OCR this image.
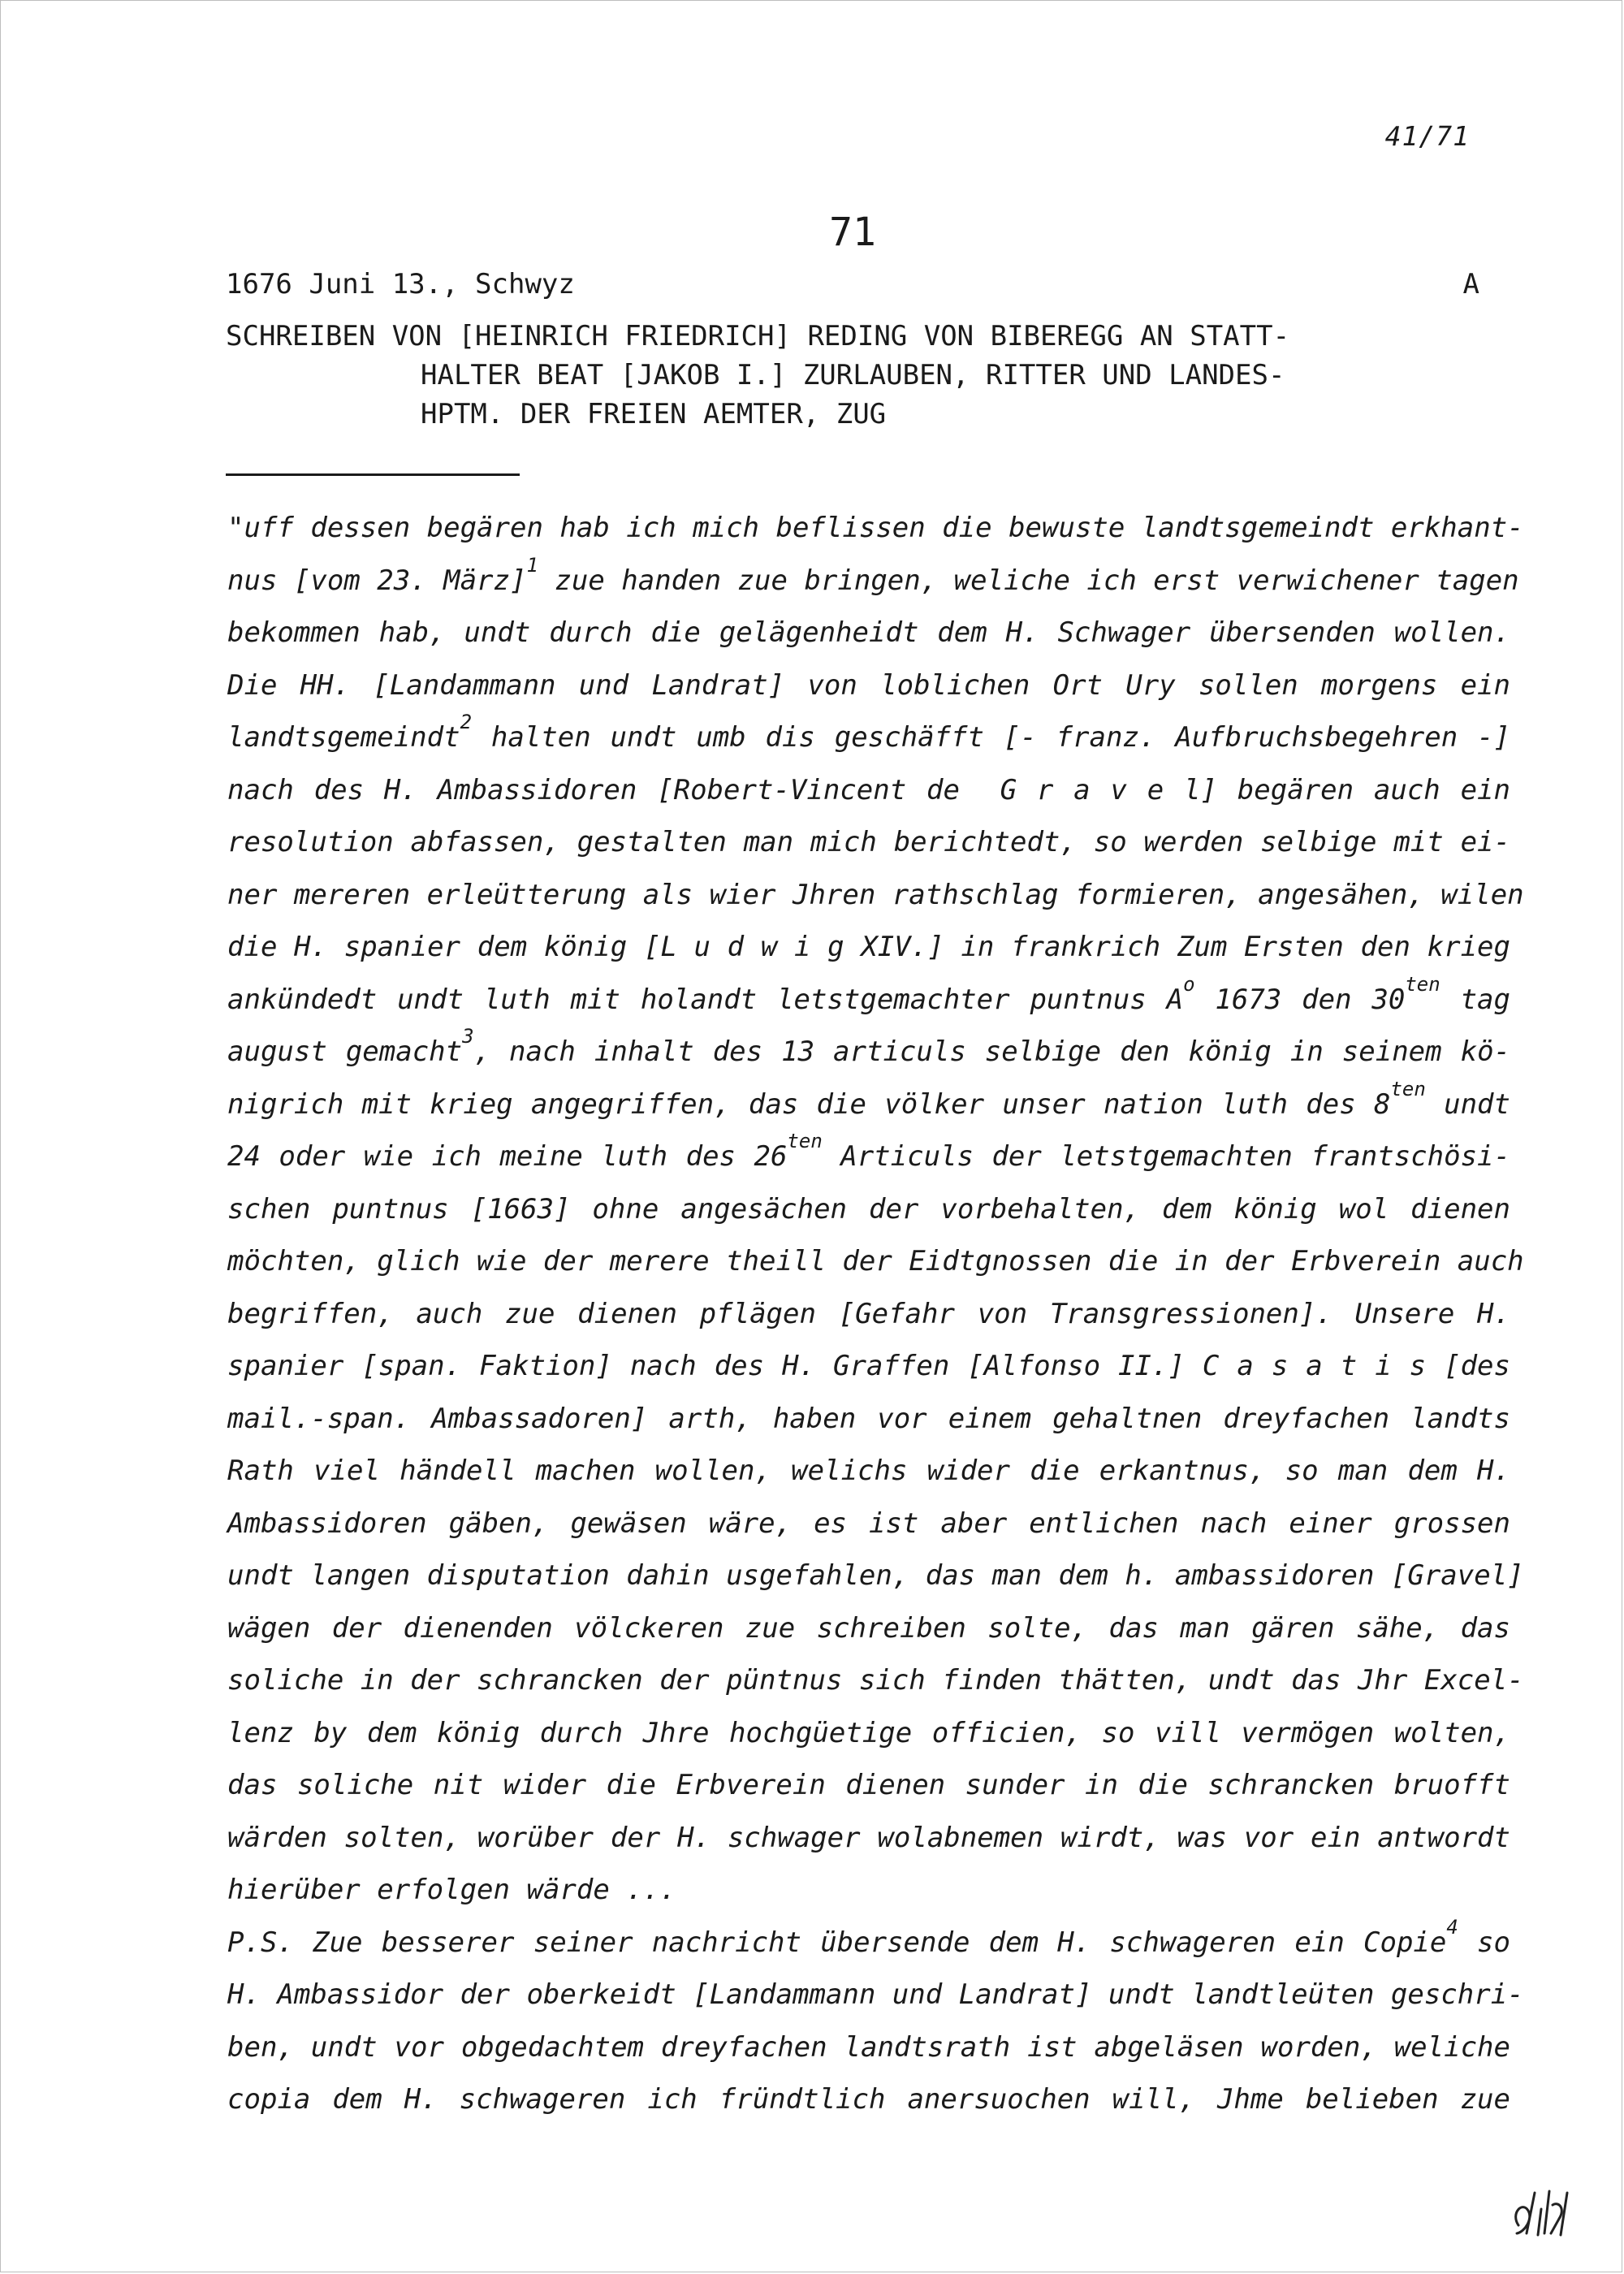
41/71
71
1676 Juni 13., Schwyz	A
SCHREIBEN VON [HEINRICH FRIEDRICH] REDING VON BIBEREGG AN STATT-

HALTER BEAT [JAKOB I.] ZURLAUBEN, RITTER UND LANDES-
HPTM. DER FREIEN AEMTER, ZUG
"uff dessen begären hab ich mich beflissen die bewuste landtsgemeindt erkhant-
nus [vom 23. März]$^1$ zue handen zue bringen, weliche ich erst verwichener tagen
bekommen hab, undt durch die gelägenheidt dem H. Schwager übersenden wollen.
Die HH. [Landammann und Landrat] von loblichen Ort Ury sollen morgens ein
landtsgemeindt$^2$ halten undt umb dis geschäfft [- franz. Aufbruchsbegehren -]
nach des H. Ambassidoren [Robert-Vincent de  G r a v e l] begären auch ein
resolution abfassen, gestalten man mich berichtedt, so werden selbige mit ei-
ner mereren erleütterung als wier Jhren rathschlag formieren, angesähen, wilen
die H. spanier dem könig [L u d w i g XIV.] in frankrich Zum Ersten den krieg
ankündedt undt luth mit holandt letstgemachter puntnus $A^o$ 1673 den $30^{ten}$ tag
august gemacht$^3$, nach inhalt des 13 articuls selbige den könig in seinem kö-
nigrich mit krieg angegriffen, das die völker unser nation luth des $8^{ten}$ undt
24 oder wie ich meine luth des $26^{ten}$ Articuls der letstgemachten frantschösi-
schen puntnus [1663] ohne angesächen der vorbehalten, dem könig wol dienen
möchten, glich wie der merere theill der Eidtgnossen die in der Erbverein auch
begriffen, auch zue dienen pflägen [Gefahr von Transgressionen]. Unsere H.
spanier [span. Faktion] nach des H. Graffen [Alfonso II.] C a s a t i s [des
mail.-span. Ambassadoren] arth, haben vor einem gehaltnen dreyfachen landts
Rath viel händell machen wollen, welichs wider die erkantnus, so man dem H.
Ambassidoren gäben, gewäsen wäre, es ist aber entlichen nach einer grossen
undt langen disputation dahin usgefahlen, das man dem h. ambassidoren [Gravel]
wägen der dienenden völckeren zue schreiben solte, das man gären sähe, das
soliche in der schrancken der püntnus sich finden thätten, undt das Jhr Excel-
lenz by dem könig durch Jhre hochgüetige officien, so vill vermögen wolten,
das soliche nit wider die Erbverein dienen sunder in die schrancken bruofft
wärden solten, worüber der H. schwager wolabnemen wirdt, was vor ein antwordt
hierüber erfolgen wärde ...
P.S. Zue besserer seiner nachricht übersende dem H. schwageren ein Copie$^4$ so
H. Ambassidor der oberkeidt [Landammann und Landrat] undt landtleüten geschri-
ben, undt vor obgedachtem dreyfachen landtsrath ist abgeläsen worden, weliche
copia dem H. schwageren ich fründtlich anersuochen will, Jhme belieben zue
